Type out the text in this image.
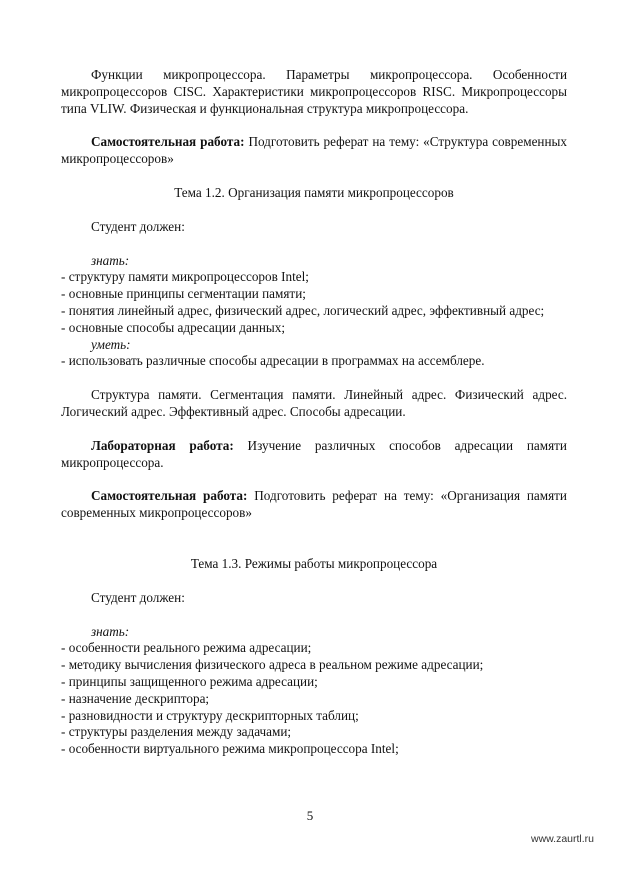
Функции микропроцессора. Параметры микропроцессора. Особенности микропроцессоров CISC. Характеристики микропроцессоров RISC. Микропроцессоры типа VLIW. Физическая и функциональная структура микропроцессора.

Самостоятельная работа: Подготовить реферат на тему: «Структура современных микропроцессоров»

Тема 1.2. Организация памяти микропроцессоров

Студент должен:

знать:

- структуру памяти микропроцессоров Intel;

- основные принципы сегментации памяти;

- понятия линейный адрес, физический адрес, логический адрес, эффективный адрес;

- основные способы адресации данных;

уметь:

- использовать различные способы адресации в программах на ассемблере.

Структура памяти. Сегментация памяти. Линейный адрес. Физический адрес. Логический адрес. Эффективный адрес. Способы адресации.

Лабораторная работа: Изучение различных способов адресации памяти микропроцессора.

Самостоятельная работа: Подготовить реферат на тему: «Организация памяти современных микропроцессоров»

Тема 1.3. Режимы работы микропроцессора

Студент должен:

знать:

- особенности реального режима адресации;

- методику вычисления физического адреса в реальном режиме адресации;

- принципы защищенного режима адресации;

- назначение дескриптора;

- разновидности и структуру дескрипторных таблиц;

- структуры разделения между задачами;

- особенности виртуального режима микропроцессора Intel;

5
www.zaurtl.ru
